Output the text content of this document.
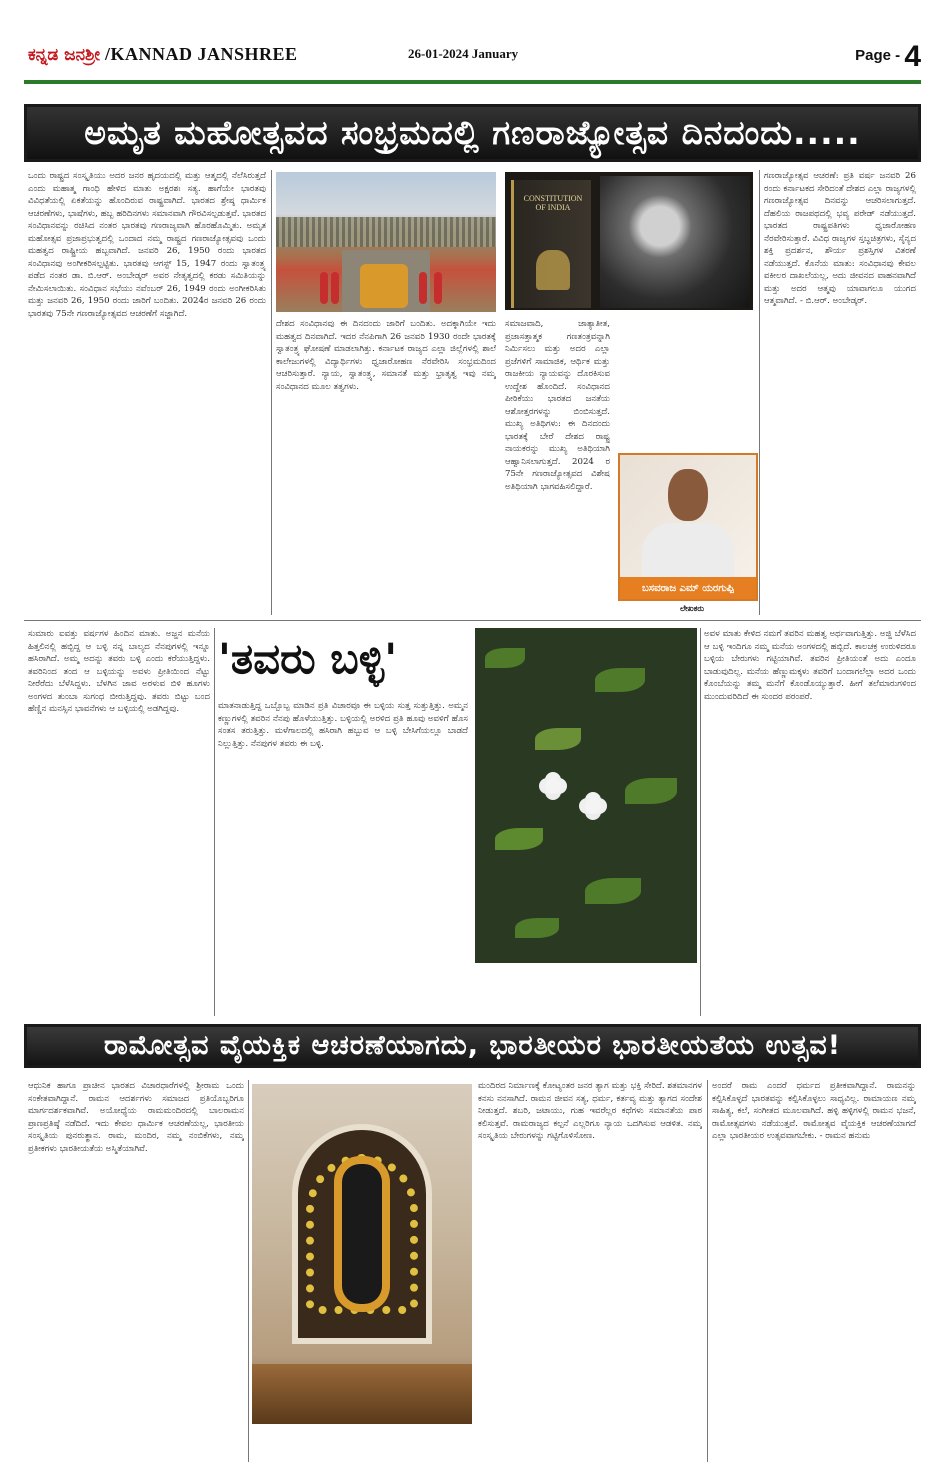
ಕನ್ನಡ ಜನಶ್ರೀ /KANNAD JANSHREE	26-01-2024 January	Page - 4
ಅಮೃತ ಮಹೋತ್ಸವದ ಸಂಭ್ರಮದಲ್ಲಿ ಗಣರಾಜ್ಯೋತ್ಸವ ದಿನದಂದು.....
ಒಂದು ರಾಷ್ಟ್ರದ ಸಂಸ್ಕೃತಿಯು ಅದರ ಜನರ ಹೃದಯದಲ್ಲಿ ಮತ್ತು ಆತ್ಮದಲ್ಲಿ ನೆಲೆಸಿರುತ್ತದೆ ಎಂದು ಮಹಾತ್ಮ ಗಾಂಧಿ ಹೇಳಿದ ಮಾತು ಅಕ್ಷರಶಃ ಸತ್ಯ. ಹಾಗೆಯೇ ಭಾರತವು ವಿವಿಧತೆಯಲ್ಲಿ ಏಕತೆಯನ್ನು ಹೊಂದಿರುವ ರಾಷ್ಟ್ರವಾಗಿದೆ. ಭಾರತದ ಶ್ರೇಷ್ಠ ಧಾರ್ಮಿಕ ಆಚರಣೆಗಳು, ಭಾಷೆಗಳು, ಹಬ್ಬ ಹರಿದಿನಗಳು ಸಮಾನವಾಗಿ ಗೌರವಿಸಲ್ಪಡುತ್ತವೆ. ಭಾರತದ ಸಂವಿಧಾನವನ್ನು ರಚಿಸಿದ ನಂತರ ಭಾರತವು ಗಣರಾಜ್ಯವಾಗಿ ಹೊರಹೊಮ್ಮಿತು. ಅಮೃತ ಮಹೋತ್ಸವ ಪ್ರಜಾಪ್ರಭುತ್ವದಲ್ಲಿ ಒಂದಾದ ನಮ್ಮ ರಾಷ್ಟ್ರದ ಗಣರಾಜ್ಯೋತ್ಸವವು ಒಂದು ಮಹತ್ವದ ರಾಷ್ಟ್ರೀಯ ಹಬ್ಬವಾಗಿದೆ. ಜನವರಿ 26, 1950 ರಂದು ಭಾರತದ ಸಂವಿಧಾನವು ಅಂಗೀಕರಿಸಲ್ಪಟ್ಟಿತು. ಭಾರತವು ಆಗಸ್ಟ್ 15, 1947 ರಂದು ಸ್ವಾತಂತ್ರ್ಯ ಪಡೆದ ನಂತರ ಡಾ. ಬಿ.ಆರ್. ಅಂಬೇಡ್ಕರ್ ಅವರ ನೇತೃತ್ವದಲ್ಲಿ ಕರಡು ಸಮಿತಿಯನ್ನು ನೇಮಿಸಲಾಯಿತು. ಸಂವಿಧಾನ ಸಭೆಯು ನವೆಂಬರ್ 26, 1949 ರಂದು ಅಂಗೀಕರಿಸಿತು ಮತ್ತು ಜನವರಿ 26, 1950 ರಂದು ಜಾರಿಗೆ ಬಂದಿತು. 2024ರ ಜನವರಿ 26 ರಂದು ಭಾರತವು 75ನೇ ಗಣರಾಜ್ಯೋತ್ಸವದ ಆಚರಣೆಗೆ ಸಜ್ಜಾಗಿದೆ.
CONSTITUTION OF INDIA
ದೇಶದ ಸಂವಿಧಾನವು ಈ ದಿನದಂದು ಜಾರಿಗೆ ಬಂದಿತು. ಅದಕ್ಕಾಗಿಯೇ ಇದು ಮಹತ್ವದ ದಿನವಾಗಿದೆ. ಇದರ ನೆನಪಿಗಾಗಿ 26 ಜನವರಿ 1930 ರಂದೇ ಭಾರತಕ್ಕೆ ಸ್ವಾತಂತ್ರ್ಯ ಘೋಷಣೆ ಮಾಡಲಾಗಿತ್ತು. ಕರ್ನಾಟಕ ರಾಜ್ಯದ ಎಲ್ಲಾ ಜಿಲ್ಲೆಗಳಲ್ಲಿ ಶಾಲೆ ಕಾಲೇಜುಗಳಲ್ಲಿ ವಿದ್ಯಾರ್ಥಿಗಳು ಧ್ವಜಾರೋಹಣ ನೆರವೇರಿಸಿ ಸಂಭ್ರಮದಿಂದ ಆಚರಿಸುತ್ತಾರೆ. ನ್ಯಾಯ, ಸ್ವಾತಂತ್ರ್ಯ, ಸಮಾನತೆ ಮತ್ತು ಭ್ರಾತೃತ್ವ ಇವು ನಮ್ಮ ಸಂವಿಧಾನದ ಮೂಲ ತತ್ವಗಳು.
ಸಮಾಜವಾದಿ, ಜಾತ್ಯಾತೀತ, ಪ್ರಜಾಸತ್ತಾತ್ಮಕ ಗಣತಂತ್ರವನ್ನಾಗಿ ನಿರ್ಮಿಸಲು ಮತ್ತು ಅದರ ಎಲ್ಲಾ ಪ್ರಜೆಗಳಿಗೆ ಸಾಮಾಜಿಕ, ಆರ್ಥಿಕ ಮತ್ತು ರಾಜಕೀಯ ನ್ಯಾಯವನ್ನು ದೊರಕಿಸುವ ಉದ್ದೇಶ ಹೊಂದಿದೆ. ಸಂವಿಧಾನದ ಪೀಠಿಕೆಯು ಭಾರತದ ಜನತೆಯ ಆಶೋತ್ತರಗಳನ್ನು ಬಿಂಬಿಸುತ್ತದೆ. ಮುಖ್ಯ ಅತಿಥಿಗಳು: ಈ ದಿನದಂದು ಭಾರತಕ್ಕೆ ಬೇರೆ ದೇಶದ ರಾಷ್ಟ್ರ ನಾಯಕರನ್ನು ಮುಖ್ಯ ಅತಿಥಿಯಾಗಿ ಆಹ್ವಾನಿಸಲಾಗುತ್ತದೆ. 2024 ರ 75ನೇ ಗಣರಾಜ್ಯೋತ್ಸವದ ವಿಶೇಷ ಅತಿಥಿಯಾಗಿ ಭಾಗವಹಿಸಲಿದ್ದಾರೆ.
ಬಸವರಾಜ ಎಮ್ ಯರಗುಪ್ಪಿ
ಲೇಖಕರು
ಗಣರಾಜ್ಯೋತ್ಸವ ಆಚರಣೆ: ಪ್ರತಿ ವರ್ಷ ಜನವರಿ 26 ರಂದು ಕರ್ನಾಟಕದ ಸೇರಿದಂತೆ ದೇಶದ ಎಲ್ಲಾ ರಾಜ್ಯಗಳಲ್ಲಿ ಗಣರಾಜ್ಯೋತ್ಸವ ದಿನವನ್ನು ಆಚರಿಸಲಾಗುತ್ತದೆ. ದೆಹಲಿಯ ರಾಜಪಥದಲ್ಲಿ ಭವ್ಯ ಪರೇಡ್ ನಡೆಯುತ್ತದೆ. ಭಾರತದ ರಾಷ್ಟ್ರಪತಿಗಳು ಧ್ವಜಾರೋಹಣ ನೆರವೇರಿಸುತ್ತಾರೆ. ವಿವಿಧ ರಾಜ್ಯಗಳ ಸ್ತಬ್ಧಚಿತ್ರಗಳು, ಸೈನ್ಯದ ಶಕ್ತಿ ಪ್ರದರ್ಶನ, ಶೌರ್ಯ ಪ್ರಶಸ್ತಿಗಳ ವಿತರಣೆ ನಡೆಯುತ್ತದೆ. ಕೊನೆಯ ಮಾತು: ಸಂವಿಧಾನವು ಕೇವಲ ವಕೀಲರ ದಾಖಲೆಯಲ್ಲ, ಅದು ಜೀವನದ ವಾಹನವಾಗಿದೆ ಮತ್ತು ಅದರ ಆತ್ಮವು ಯಾವಾಗಲೂ ಯುಗದ ಆತ್ಮವಾಗಿದೆ. - ಬಿ.ಆರ್. ಅಂಬೇಡ್ಕರ್.
ಸುಮಾರು ಐವತ್ತು ವರ್ಷಗಳ ಹಿಂದಿನ ಮಾತು. ಅಜ್ಜನ ಮನೆಯ ಹಿತ್ತಲಿನಲ್ಲಿ ಹಬ್ಬಿದ್ದ ಆ ಬಳ್ಳಿ ನನ್ನ ಬಾಲ್ಯದ ನೆನಪುಗಳಲ್ಲಿ ಇನ್ನೂ ಹಸಿರಾಗಿದೆ. ಅಮ್ಮ ಅದನ್ನು ತವರು ಬಳ್ಳಿ ಎಂದು ಕರೆಯುತ್ತಿದ್ದಳು. ತವರಿನಿಂದ ತಂದ ಆ ಬಳ್ಳಿಯನ್ನು ಅವಳು ಪ್ರೀತಿಯಿಂದ ನೆಟ್ಟು ನೀರೆರೆದು ಬೆಳೆಸಿದ್ದಳು. ಬೆಳಗಿನ ಜಾವ ಅರಳುವ ಬಿಳಿ ಹೂಗಳು ಅಂಗಳದ ತುಂಬಾ ಸುಗಂಧ ಬೀರುತ್ತಿದ್ದವು. ತವರು ಬಿಟ್ಟು ಬಂದ ಹೆಣ್ಣಿನ ಮನಸ್ಸಿನ ಭಾವನೆಗಳು ಆ ಬಳ್ಳಿಯಲ್ಲಿ ಅಡಗಿದ್ದವು.
'ತವರು ಬಳ್ಳಿ'
ಮಾತನಾಡುತ್ತಿದ್ದ ಒಬ್ಬೊಬ್ಬ ಮಾಡಿನ ಪ್ರತಿ ವಿಚಾರವೂ ಈ ಬಳ್ಳಿಯ ಸುತ್ತ ಸುತ್ತುತ್ತಿತ್ತು. ಅಮ್ಮನ ಕಣ್ಣುಗಳಲ್ಲಿ ತವರಿನ ನೆನಪು ಹೊಳೆಯುತ್ತಿತ್ತು. ಬಳ್ಳಿಯಲ್ಲಿ ಅರಳಿದ ಪ್ರತಿ ಹೂವು ಅವಳಿಗೆ ಹೊಸ ಸಂತಸ ತರುತ್ತಿತ್ತು. ಮಳೆಗಾಲದಲ್ಲಿ ಹಸಿರಾಗಿ ಹಬ್ಬುವ ಆ ಬಳ್ಳಿ ಬೇಸಿಗೆಯಲ್ಲೂ ಬಾಡದೆ ನಿಲ್ಲುತ್ತಿತ್ತು. ನೆನಪುಗಳ ತವರು ಈ ಬಳ್ಳಿ.
ಅವಳ ಮಾತು ಕೇಳಿದ ನಮಗೆ ತವರಿನ ಮಹತ್ವ ಅರ್ಥವಾಗುತ್ತಿತ್ತು. ಅಜ್ಜಿ ಬೆಳೆಸಿದ ಆ ಬಳ್ಳಿ ಇಂದಿಗೂ ನಮ್ಮ ಮನೆಯ ಅಂಗಳದಲ್ಲಿ ಹಬ್ಬಿದೆ. ಕಾಲಚಕ್ರ ಉರುಳಿದರೂ ಬಳ್ಳಿಯ ಬೇರುಗಳು ಗಟ್ಟಿಯಾಗಿವೆ. ತವರಿನ ಪ್ರೀತಿಯಂತೆ ಅದು ಎಂದೂ ಬಾಡುವುದಿಲ್ಲ. ಮನೆಯ ಹೆಣ್ಣುಮಕ್ಕಳು ತವರಿಗೆ ಬಂದಾಗಲೆಲ್ಲಾ ಅದರ ಒಂದು ಕೊಂಬೆಯನ್ನು ತಮ್ಮ ಮನೆಗೆ ಕೊಂಡೊಯ್ಯುತ್ತಾರೆ. ಹೀಗೆ ತಲೆಮಾರುಗಳಿಂದ ಮುಂದುವರಿದಿದೆ ಈ ಸುಂದರ ಪರಂಪರೆ.
ರಾಮೋತ್ಸವ ವೈಯಕ್ತಿಕ ಆಚರಣೆಯಾಗದು, ಭಾರತೀಯರ ಭಾರತೀಯತೆಯ ಉತ್ಸವ!
ಆಧುನಿಕ ಹಾಗೂ ಪ್ರಾಚೀನ ಭಾರತದ ವಿಚಾರಧಾರೆಗಳಲ್ಲಿ ಶ್ರೀರಾಮ ಒಂದು ಸಂಕೇತವಾಗಿದ್ದಾನೆ. ರಾಮನ ಆದರ್ಶಗಳು ಸಮಾಜದ ಪ್ರತಿಯೊಬ್ಬರಿಗೂ ಮಾರ್ಗದರ್ಶಕವಾಗಿವೆ. ಅಯೋಧ್ಯೆಯ ರಾಮಮಂದಿರದಲ್ಲಿ ಬಾಲರಾಮನ ಪ್ರಾಣಪ್ರತಿಷ್ಠೆ ನಡೆದಿದೆ. ಇದು ಕೇವಲ ಧಾರ್ಮಿಕ ಆಚರಣೆಯಲ್ಲ, ಭಾರತೀಯ ಸಂಸ್ಕೃತಿಯ ಪುನರುತ್ಥಾನ. ರಾಮ, ಮಂದಿರ, ನಮ್ಮ ನಂಬಿಕೆಗಳು, ನಮ್ಮ ಪ್ರತೀಕಗಳು ಭಾರತೀಯತೆಯ ಅಸ್ಮಿತೆಯಾಗಿವೆ.
ಮಂದಿರದ ನಿರ್ಮಾಣಕ್ಕೆ ಕೋಟ್ಯಂತರ ಜನರ ತ್ಯಾಗ ಮತ್ತು ಭಕ್ತಿ ಸೇರಿದೆ. ಶತಮಾನಗಳ ಕನಸು ನನಸಾಗಿದೆ. ರಾಮನ ಜೀವನ ಸತ್ಯ, ಧರ್ಮ, ಕರ್ತವ್ಯ ಮತ್ತು ತ್ಯಾಗದ ಸಂದೇಶ ನೀಡುತ್ತದೆ. ಶಬರಿ, ಜಟಾಯು, ಗುಹ ಇವರೆಲ್ಲರ ಕಥೆಗಳು ಸಮಾನತೆಯ ಪಾಠ ಕಲಿಸುತ್ತವೆ. ರಾಮರಾಜ್ಯದ ಕಲ್ಪನೆ ಎಲ್ಲರಿಗೂ ನ್ಯಾಯ ಒದಗಿಸುವ ಆಡಳಿತ. ನಮ್ಮ ಸಂಸ್ಕೃತಿಯ ಬೇರುಗಳನ್ನು ಗಟ್ಟಿಗೊಳಿಸೋಣ.
ಅಂದರೆ ರಾಮ ಎಂದರೆ ಧರ್ಮದ ಪ್ರತೀಕವಾಗಿದ್ದಾನೆ. ರಾಮನನ್ನು ಕಲ್ಪಿಸಿಕೊಳ್ಳದೆ ಭಾರತವನ್ನು ಕಲ್ಪಿಸಿಕೊಳ್ಳಲು ಸಾಧ್ಯವಿಲ್ಲ. ರಾಮಾಯಣ ನಮ್ಮ ಸಾಹಿತ್ಯ, ಕಲೆ, ಸಂಗೀತದ ಮೂಲವಾಗಿದೆ. ಹಳ್ಳಿ ಹಳ್ಳಿಗಳಲ್ಲಿ ರಾಮನ ಭಜನೆ, ರಾಮೋತ್ಸವಗಳು ನಡೆಯುತ್ತವೆ. ರಾಮೋತ್ಸವ ವೈಯಕ್ತಿಕ ಆಚರಣೆಯಾಗದೆ ಎಲ್ಲಾ ಭಾರತೀಯರ ಉತ್ಸವವಾಗಬೇಕು. - ರಾಮನ ಹನುಮ
